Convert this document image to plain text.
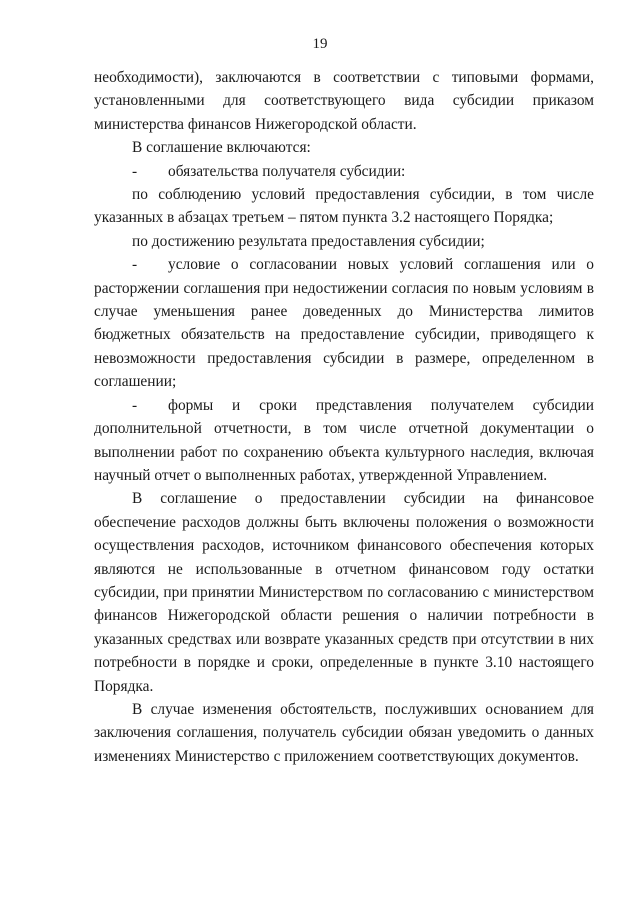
19

необходимости), заключаются в соответствии с типовыми формами, установленными для соответствующего вида субсидии приказом министерства финансов Нижегородской области.

В соглашение включаются:

- обязательства получателя субсидии:

по соблюдению условий предоставления субсидии, в том числе указанных в абзацах третьем – пятом пункта 3.2 настоящего Порядка;

по достижению результата предоставления субсидии;

- условие о согласовании новых условий соглашения или о расторжении соглашения при недостижении согласия по новым условиям в случае уменьшения ранее доведенных до Министерства лимитов бюджетных обязательств на предоставление субсидии, приводящего к невозможности предоставления субсидии в размере, определенном в соглашении;

- формы и сроки представления получателем субсидии дополнительной отчетности, в том числе отчетной документации о выполнении работ по сохранению объекта культурного наследия, включая научный отчет о выполненных работах, утвержденной Управлением.

В соглашение о предоставлении субсидии на финансовое обеспечение расходов должны быть включены положения о возможности осуществления расходов, источником финансового обеспечения которых являются не использованные в отчетном финансовом году остатки субсидии, при принятии Министерством по согласованию с министерством финансов Нижегородской области решения о наличии потребности в указанных средствах или возврате указанных средств при отсутствии в них потребности в порядке и сроки, определенные в пункте 3.10 настоящего Порядка.

В случае изменения обстоятельств, послуживших основанием для заключения соглашения, получатель субсидии обязан уведомить о данных изменениях Министерство с приложением соответствующих документов.
